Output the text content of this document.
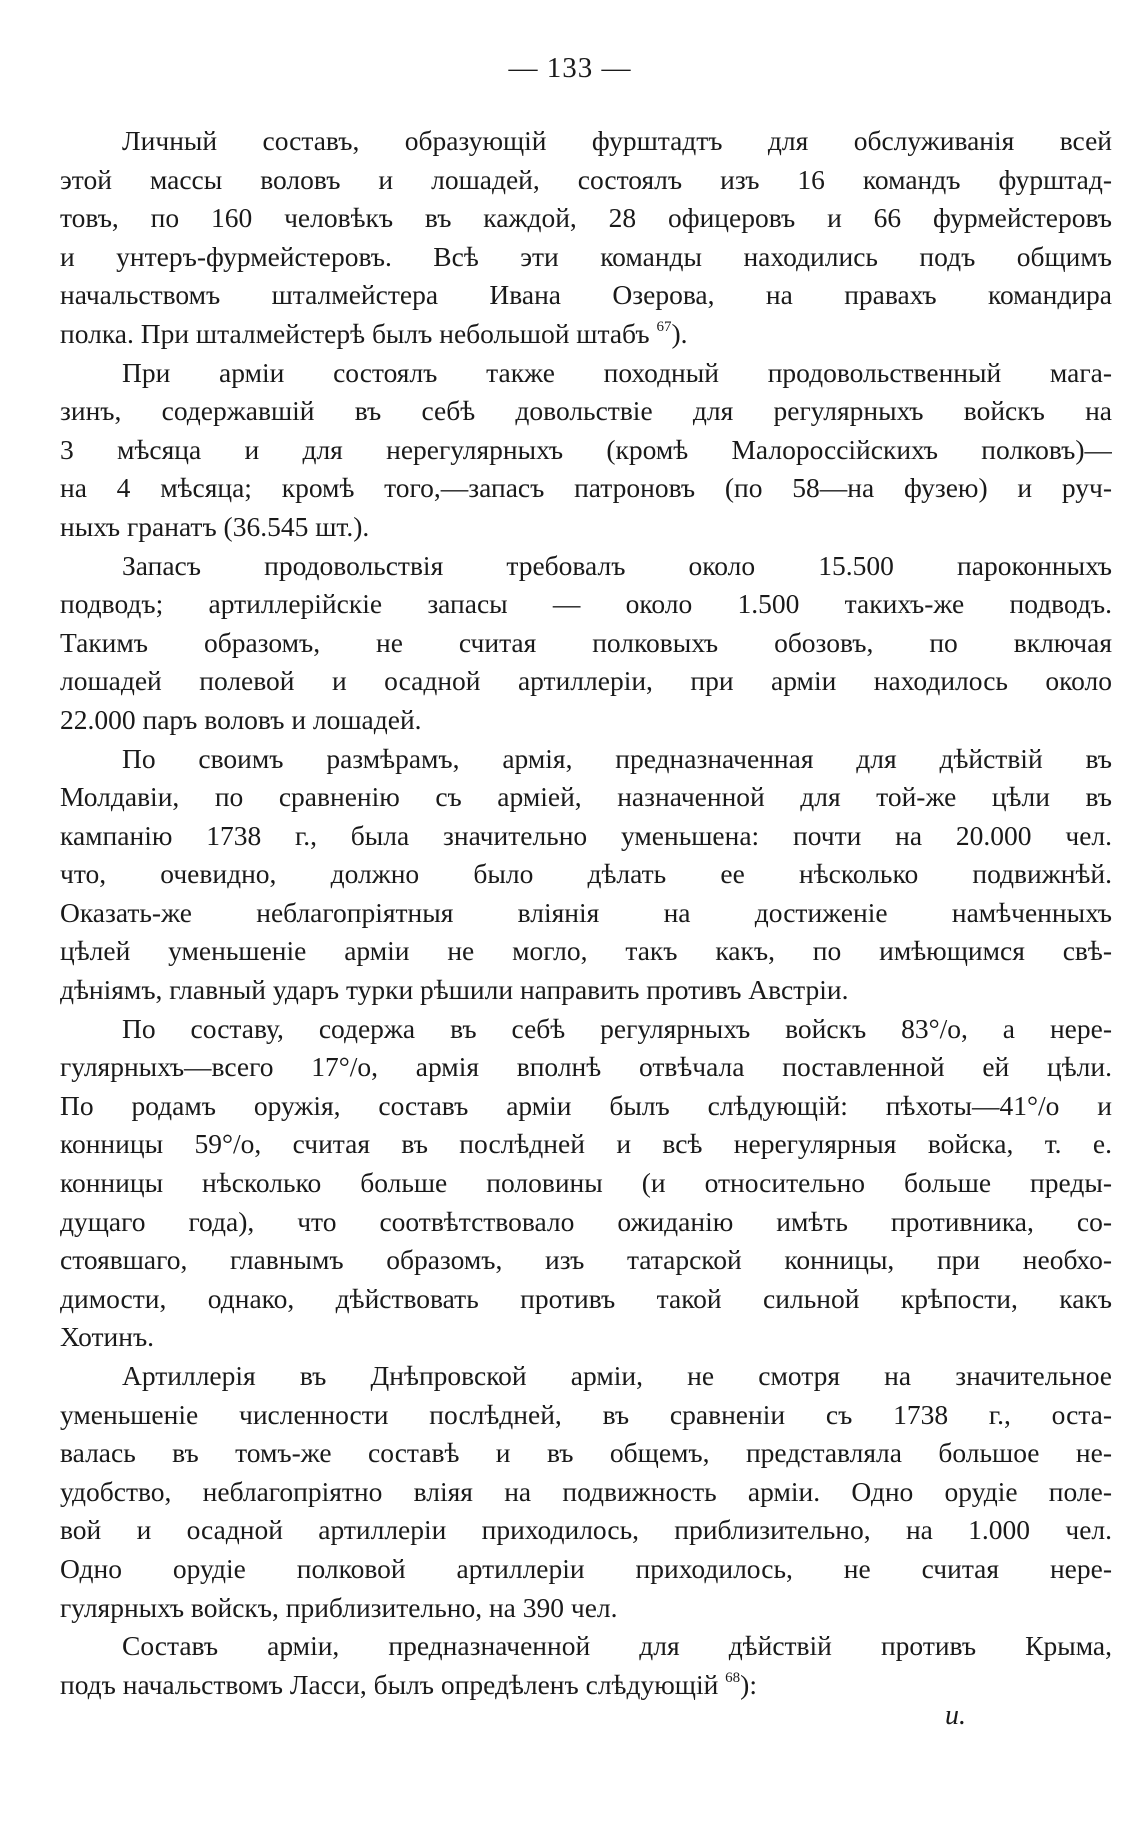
— 133 —

Личный составъ, образующій фурштадтъ для обслуживанія всей
этой массы воловъ и лошадей, состоялъ изъ 16 командъ фурштад-
товъ, по 160 человѣкъ въ каждой, 28 офицеровъ и 66 фурмейстеровъ
и унтеръ-фурмейстеровъ. Всѣ эти команды находились подъ общимъ
начальствомъ шталмейстера Ивана Озерова, на правахъ командира
полка. При шталмейстерѣ былъ небольшой штабъ $^{67}$).

При арміи состоялъ также походный продовольственный мага-
зинъ, содержавшій въ себѣ довольствіе для регулярныхъ войскъ на
3 мѣсяца и для нерегулярныхъ (кромѣ Малороссійскихъ полковъ)—
на 4 мѣсяца; кромѣ того,—запасъ патроновъ (по 58—на фузею) и руч-
ныхъ гранатъ (36.545 шт.).

Запасъ продовольствія требовалъ около 15.500 пароконныхъ
подводъ; артиллерійскіе запасы — около 1.500 такихъ-же подводъ.
Такимъ образомъ, не считая полковыхъ обозовъ, по включая
лошадей полевой и осадной артиллеріи, при арміи находилось около
22.000 паръ воловъ и лошадей.

По своимъ размѣрамъ, армія, предназначенная для дѣйствій въ
Молдавіи, по сравненію съ арміей, назначенной для той-же цѣли въ
кампанію 1738 г., была значительно уменьшена: почти на 20.000 чел.
что, очевидно, должно было дѣлать ее нѣсколько подвижнѣй.
Оказать-же неблагопріятныя вліянія на достиженіе намѣченныхъ
цѣлей уменьшеніе арміи не могло, такъ какъ, по имѣющимся свѣ-
дѣніямъ, главный ударъ турки рѣшили направить противъ Австріи.

По составу, содержа въ себѣ регулярныхъ войскъ 83°/о, а нере-
гулярныхъ—всего 17°/о, армія вполнѣ отвѣчала поставленной ей цѣли.
По родамъ оружія, составъ арміи былъ слѣдующій: пѣхоты—41°/о и
конницы 59°/о, считая въ послѣдней и всѣ нерегулярныя войска, т. е.
конницы нѣсколько больше половины (и относительно больше преды-
дущаго года), что соотвѣтствовало ожиданію имѣть противника, со-
стоявшаго, главнымъ образомъ, изъ татарской конницы, при необхо-
димости, однако, дѣйствовать противъ такой сильной крѣпости, какъ
Хотинъ.

Артиллерія въ Днѣпровской арміи, не смотря на значительное
уменьшеніе численности послѣдней, въ сравненіи съ 1738 г., оста-
валась въ томъ-же составѣ и въ общемъ, представляла большое не-
удобство, неблагопріятно вліяя на подвижность арміи. Одно орудіе поле-
вой и осадной артиллеріи приходилось, приблизительно, на 1.000 чел.
Одно орудіе полковой артиллеріи приходилось, не считая нере-
гулярныхъ войскъ, приблизительно, на 390 чел.

Составъ арміи, предназначенной для дѣйствій противъ Крыма,
подъ начальствомъ Ласси, былъ опредѣленъ слѣдующій $^{68}$):

и.
